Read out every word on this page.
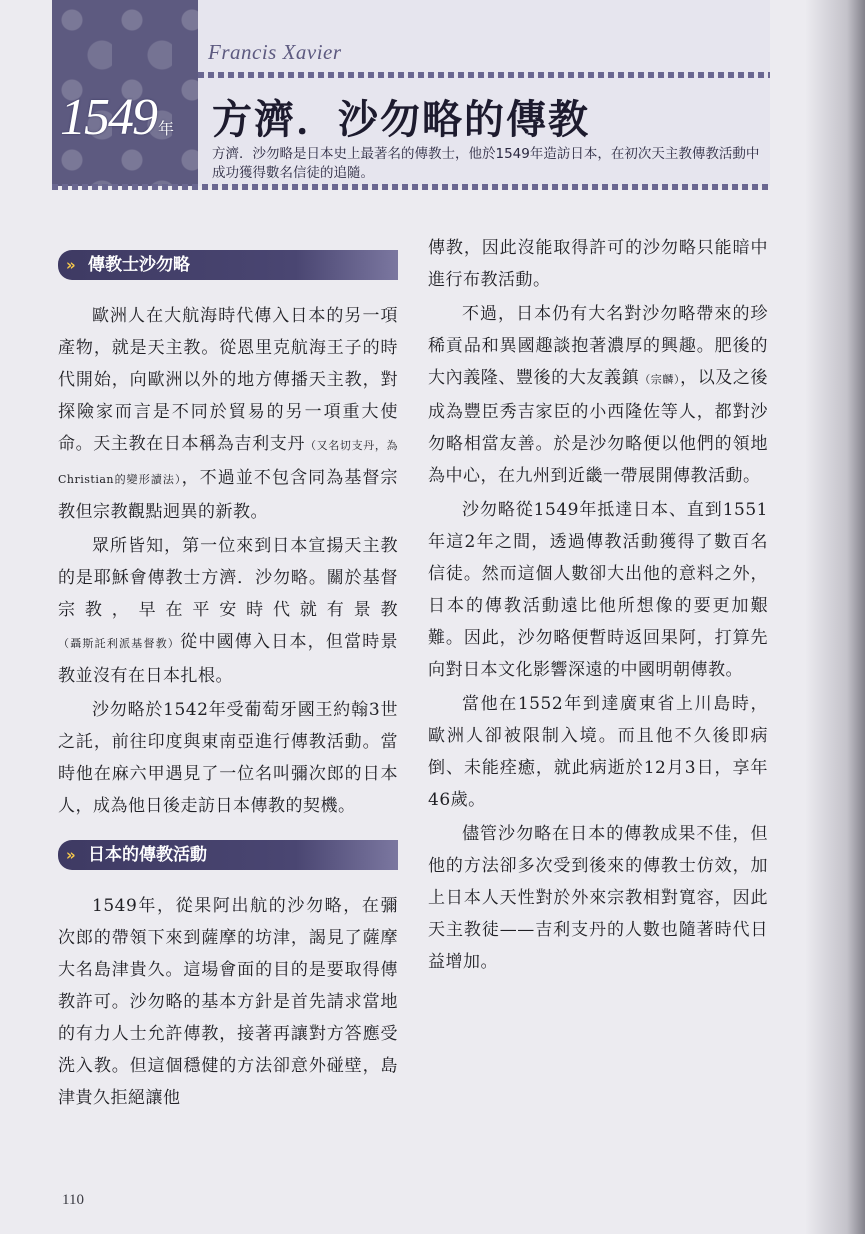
Francis Xavier
1549 年 方濟．沙勿略的傳教
方濟．沙勿略是日本史上最著名的傳教士，他於1549年造訪日本，在初次天主教傳教活動中成功獲得數名信徒的追隨。
» 傳教士沙勿略

歐洲人在大航海時代傳入日本的另一項產物，就是天主教。從恩里克航海王子的時代開始，向歐洲以外的地方傳播天主教，對探險家而言是不同於貿易的另一項重大使命。天主教在日本稱為吉利支丹（又名切支丹，為Christian的變形讀法），不過並不包含同為基督宗教但宗教觀點迥異的新教。

眾所皆知，第一位來到日本宣揚天主教的是耶穌會傳教士方濟．沙勿略。關於基督宗教，早在平安時代就有景教（聶斯託利派基督教）從中國傳入日本，但當時景教並沒有在日本扎根。

沙勿略於1542年受葡萄牙國王約翰3世之託，前往印度與東南亞進行傳教活動。當時他在麻六甲遇見了一位名叫彌次郎的日本人，成為他日後走訪日本傳教的契機。

» 日本的傳教活動

1549年，從果阿出航的沙勿略，在彌次郎的帶領下來到薩摩的坊津，謁見了薩摩大名島津貴久。這場會面的目的是要取得傳教許可。沙勿略的基本方針是首先請求當地的有力人士允許傳教，接著再讓對方答應受洗入教。但這個穩健的方法卻意外碰壁，島津貴久拒絕讓他

傳教，因此沒能取得許可的沙勿略只能暗中進行布教活動。

不過，日本仍有大名對沙勿略帶來的珍稀貢品和異國趣談抱著濃厚的興趣。肥後的大內義隆、豐後的大友義鎮（宗麟），以及之後成為豐臣秀吉家臣的小西隆佐等人，都對沙勿略相當友善。於是沙勿略便以他們的領地為中心，在九州到近畿一帶展開傳教活動。

沙勿略從1549年抵達日本、直到1551年這2年之間，透過傳教活動獲得了數百名信徒。然而這個人數卻大出他的意料之外，日本的傳教活動遠比他所想像的要更加艱難。因此，沙勿略便暫時返回果阿，打算先向對日本文化影響深遠的中國明朝傳教。

當他在1552年到達廣東省上川島時，歐洲人卻被限制入境。而且他不久後即病倒、未能痊癒，就此病逝於12月3日，享年46歲。

儘管沙勿略在日本的傳教成果不佳，但他的方法卻多次受到後來的傳教士仿效，加上日本人天性對於外來宗教相對寬容，因此天主教徒——吉利支丹的人數也隨著時代日益增加。

110
